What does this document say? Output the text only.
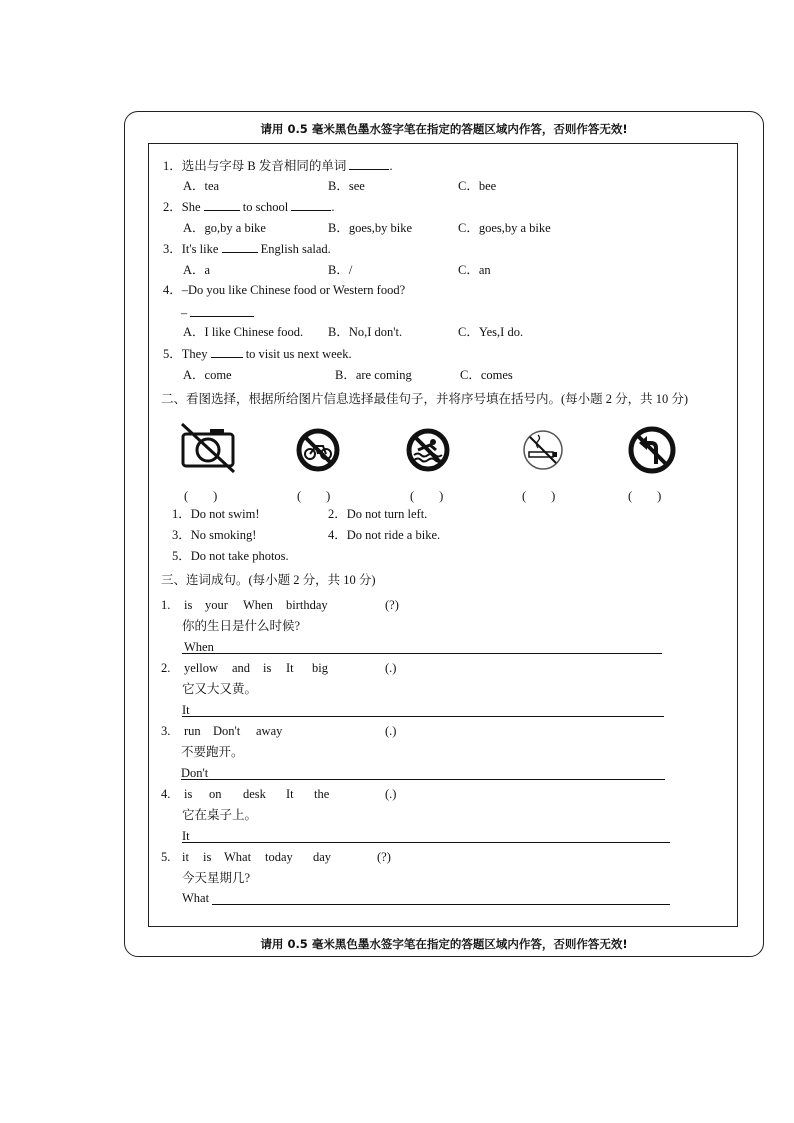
请用 0.5 毫米黑色墨水签字笔在指定的答题区域内作答，否则作答无效!
请用 0.5 毫米黑色墨水签字笔在指定的答题区域内作答，否则作答无效!
1．选出与字母 B 发音相同的单词	.
A．tea	B．see	C．bee
2．She	to school	.
A．go,by a bike	B．goes,by bike	C．goes,by a bike
3．It's like	English salad.
A．a	B．/	C．an
4．–Do you like Chinese food or Western food?
–
A．I like Chinese food. B．No,I don't.	C．Yes,I do.
5．They	to visit us next week.
A．come	B．are coming	C．comes
二、看图选择，根据所给图片信息选择最佳句子，并将序号填在括号内。(每小题 2 分，共 10 分)
(　　)	(　　)	(　　)	(　　)	(　　)
1．Do not swim!	2．Do not turn left.
3．No smoking!	4．Do not ride a bike.
5．Do not take photos.
三、连词成句。(每小题 2 分，共 10 分)
1. is your When birthday	(?)
你的生日是什么时候?
When
2. yellow and is It big	(.)
它又大又黄。
It
3. run Don't away	(.)
不要跑开。
Don't
4. is on desk It the	(.)
它在桌子上。
It
5. it is What today day	(?)
今天星期几?
What
